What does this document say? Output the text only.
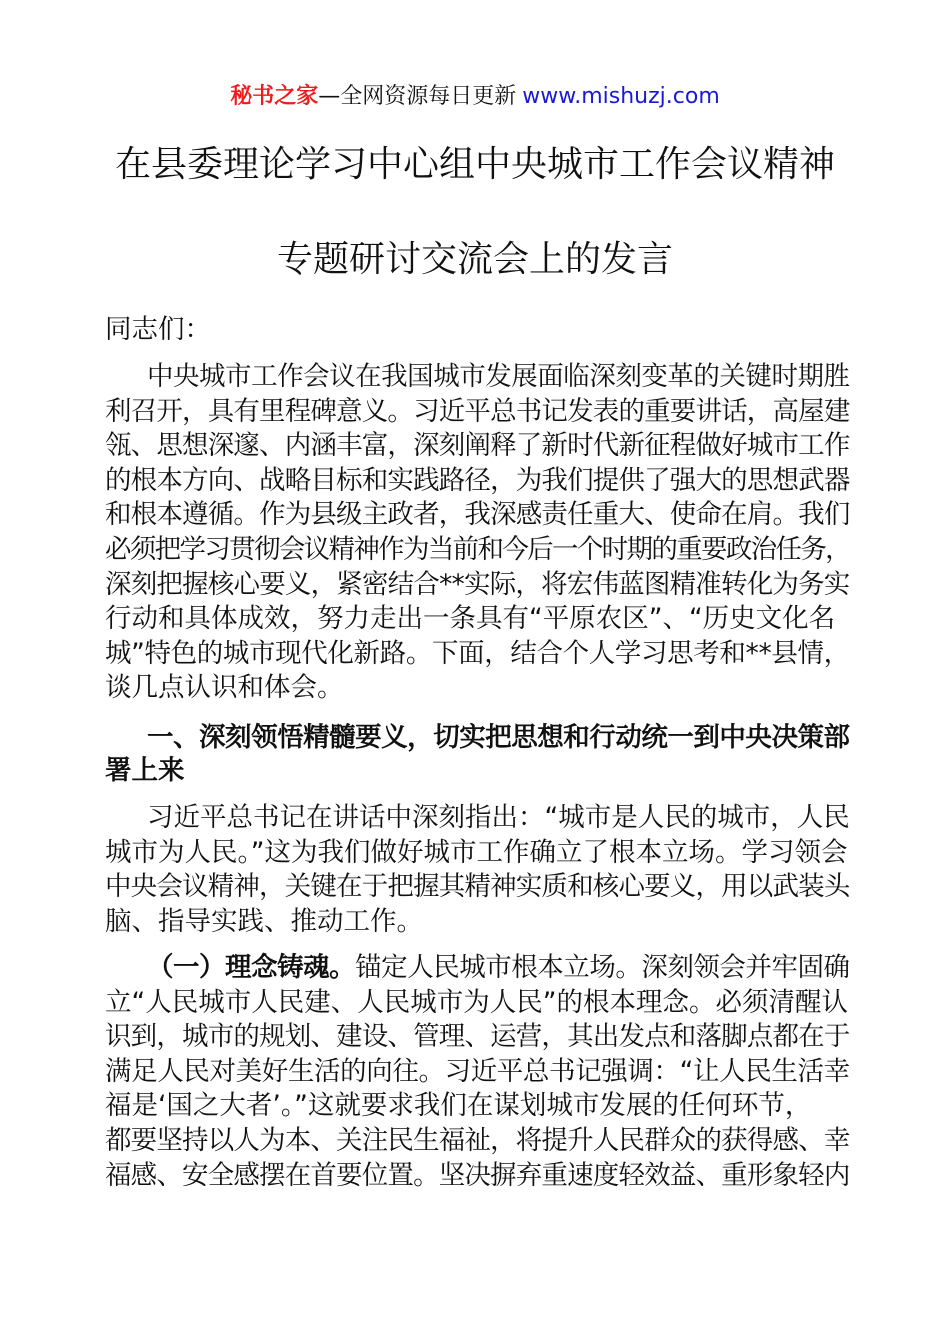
秘书之家—全网资源每日更新 www.mishuzj.com
在县委理论学习中心组中央城市工作会议精神
专题研讨交流会上的发言
同志们：
中央城市工作会议在我国城市发展面临深刻变革的关键时期胜
利召开，具有里程碑意义。习近平总书记发表的重要讲话，高屋建
瓴、思想深邃、内涵丰富，深刻阐释了新时代新征程做好城市工作
的根本方向、战略目标和实践路径，为我们提供了强大的思想武器
和根本遵循。作为县级主政者，我深感责任重大、使命在肩。我们
必须把学习贯彻会议精神作为当前和今后一个时期的重要政治任务，
深刻把握核心要义，紧密结合**实际，将宏伟蓝图精准转化为务实
行动和具体成效，努力走出一条具有“平原农区”、“历史文化名
城”特色的城市现代化新路。下面，结合个人学习思考和**县情，
谈几点认识和体会。
一、深刻领悟精髓要义，切实把思想和行动统一到中央决策部
署上来
习近平总书记在讲话中深刻指出：“城市是人民的城市，人民
城市为人民。”这为我们做好城市工作确立了根本立场。学习领会
中央会议精神，关键在于把握其精神实质和核心要义，用以武装头
脑、指导实践、推动工作。
（一）理念铸魂。锚定人民城市根本立场。深刻领会并牢固确
立“人民城市人民建、人民城市为人民”的根本理念。必须清醒认
识到，城市的规划、建设、管理、运营，其出发点和落脚点都在于
满足人民对美好生活的向往。习近平总书记强调：“让人民生活幸
福是‘国之大者’。”这就要求我们在谋划城市发展的任何环节，
都要坚持以人为本、关注民生福祉，将提升人民群众的获得感、幸
福感、安全感摆在首要位置。坚决摒弃重速度轻效益、重形象轻内
